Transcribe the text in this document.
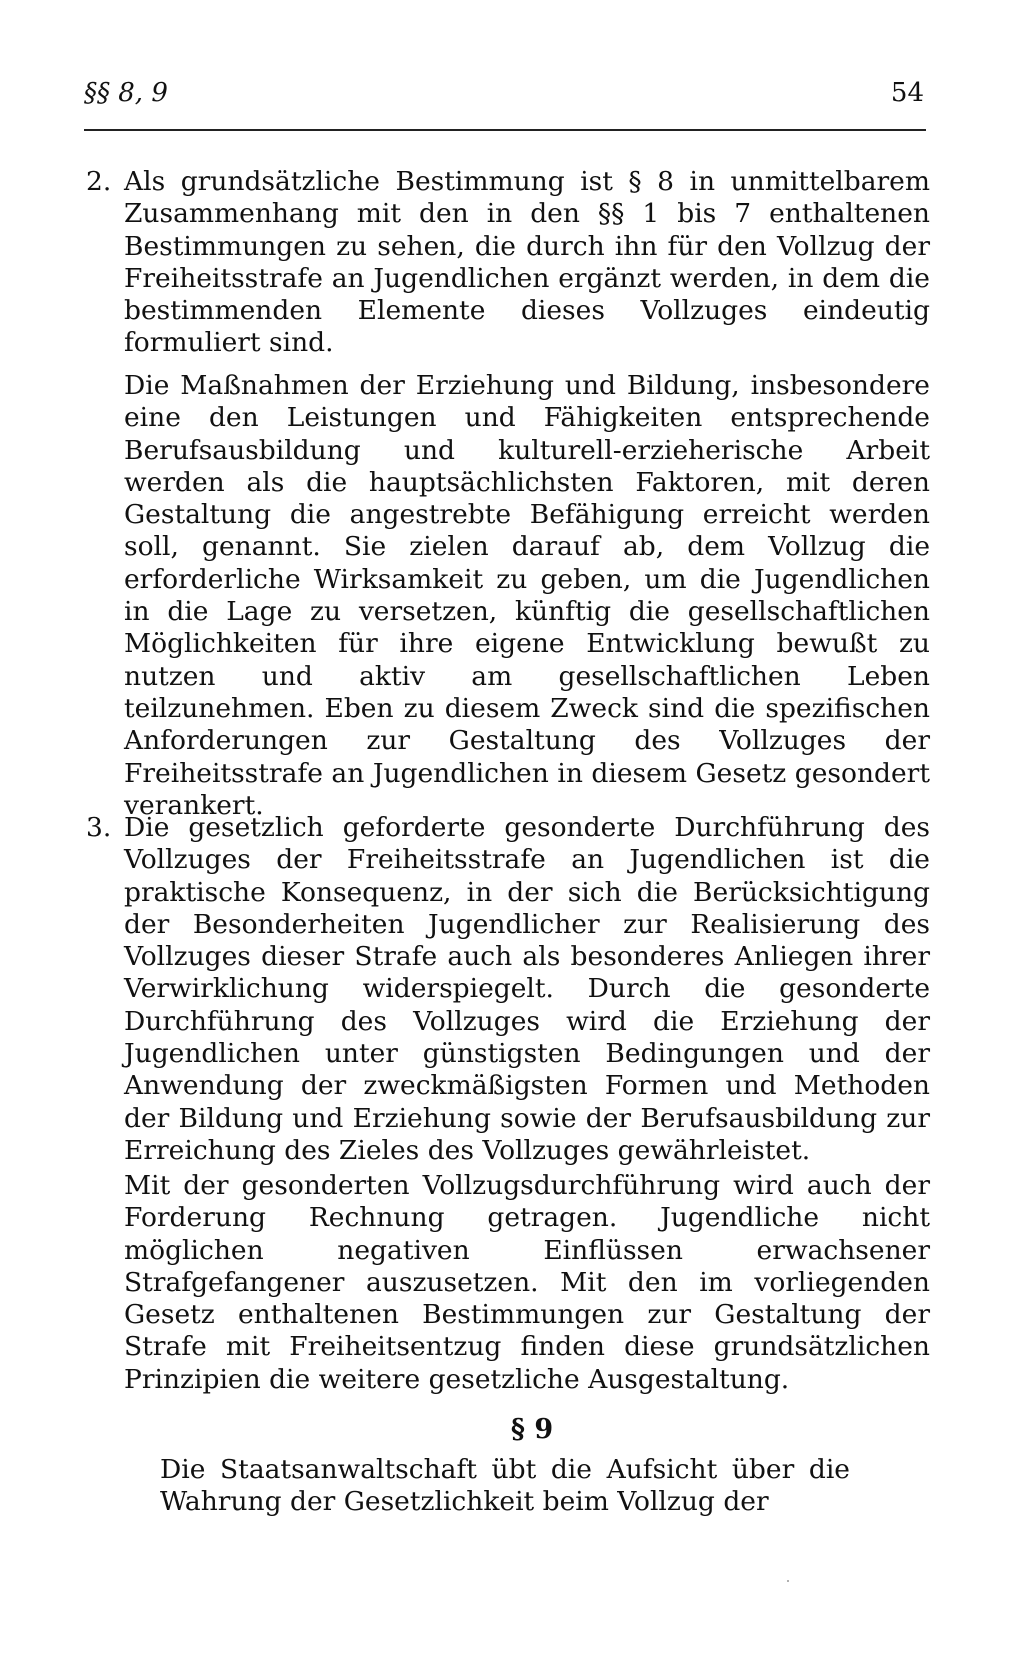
§§ 8, 9	54
2. Als grundsätzliche Bestimmung ist § 8 in unmittelbarem Zusammenhang mit den in den §§ 1 bis 7 enthaltenen Bestimmungen zu sehen, die durch ihn für den Vollzug der Freiheitsstrafe an Jugendlichen ergänzt werden, in dem die bestimmenden Elemente dieses Vollzuges eindeutig formuliert sind.

Die Maßnahmen der Erziehung und Bildung, insbesondere eine den Leistungen und Fähigkeiten entsprechende Berufsausbildung und kulturell-erzieherische Arbeit werden als die hauptsächlichsten Faktoren, mit deren Gestaltung die angestrebte Befähigung erreicht werden soll, genannt. Sie zielen darauf ab, dem Vollzug die erforderliche Wirksamkeit zu geben, um die Jugendlichen in die Lage zu versetzen, künftig die gesellschaftlichen Möglichkeiten für ihre eigene Entwicklung bewußt zu nutzen und aktiv am gesellschaftlichen Leben teilzunehmen. Eben zu diesem Zweck sind die spezifischen Anforderungen zur Gestaltung des Vollzuges der Freiheitsstrafe an Jugendlichen in diesem Gesetz gesondert verankert.

3. Die gesetzlich geforderte gesonderte Durchführung des Vollzuges der Freiheitsstrafe an Jugendlichen ist die praktische Konsequenz, in der sich die Berücksichtigung der Besonderheiten Jugendlicher zur Realisierung des Vollzuges dieser Strafe auch als besonderes Anliegen ihrer Verwirklichung widerspiegelt. Durch die gesonderte Durchführung des Vollzuges wird die Erziehung der Jugendlichen unter günstigsten Bedingungen und der Anwendung der zweckmäßigsten Formen und Methoden der Bildung und Erziehung sowie der Berufsausbildung zur Erreichung des Zieles des Vollzuges gewährleistet.

Mit der gesonderten Vollzugsdurchführung wird auch der Forderung Rechnung getragen. Jugendliche nicht möglichen negativen Einflüssen erwachsener Strafgefangener auszusetzen. Mit den im vorliegenden Gesetz enthaltenen Bestimmungen zur Gestaltung der Strafe mit Freiheitsentzug finden diese grundsätzlichen Prinzipien die weitere gesetzliche Ausgestaltung.

§ 9

Die Staatsanwaltschaft übt die Aufsicht über die Wahrung der Gesetzlichkeit beim Vollzug der
